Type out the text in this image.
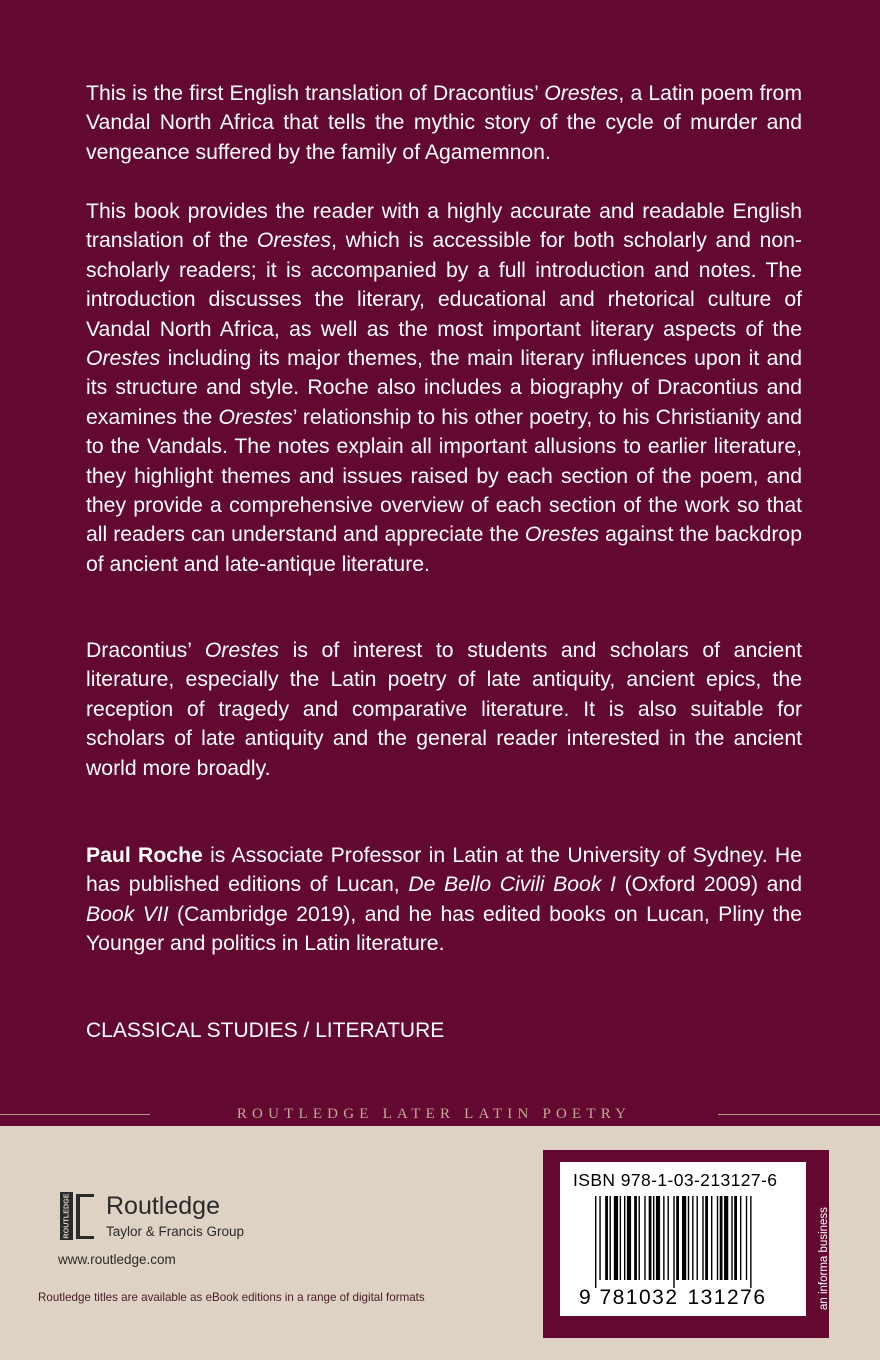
This is the first English translation of Dracontius’ Orestes, a Latin poem from Vandal North Africa that tells the mythic story of the cycle of murder and vengeance suffered by the family of Agamemnon.

This book provides the reader with a highly accurate and readable English translation of the Orestes, which is accessible for both scholarly and non-scholarly readers; it is accompanied by a full introduction and notes. The introduction discusses the literary, educational and rhetorical culture of Vandal North Africa, as well as the most important literary aspects of the Orestes including its major themes, the main literary influences upon it and its structure and style. Roche also includes a biography of Dracontius and examines the Orestes’ relationship to his other poetry, to his Christianity and to the Vandals. The notes explain all important allusions to earlier literature, they highlight themes and issues raised by each section of the poem, and they provide a comprehensive overview of each section of the work so that all readers can understand and appreciate the Orestes against the backdrop of ancient and late-antique literature.

Dracontius’ Orestes is of interest to students and scholars of ancient literature, especially the Latin poetry of late antiquity, ancient epics, the reception of tragedy and comparative literature. It is also suitable for scholars of late antiquity and the general reader interested in the ancient world more broadly.

Paul Roche is Associate Professor in Latin at the University of Sydney. He has published editions of Lucan, De Bello Civili Book I (Oxford 2009) and Book VII (Cambridge 2019), and he has edited books on Lucan, Pliny the Younger and politics in Latin literature.

CLASSICAL STUDIES / LITERATURE

ROUTLEDGE LATER LATIN POETRY
ROUTLEDGE Routledge
Taylor & Francis Group
www.routledge.com
Routledge titles are available as eBook editions in a range of digital formats
ISBN 978-1-03-213127-6
9 781032 131276	an informa business
